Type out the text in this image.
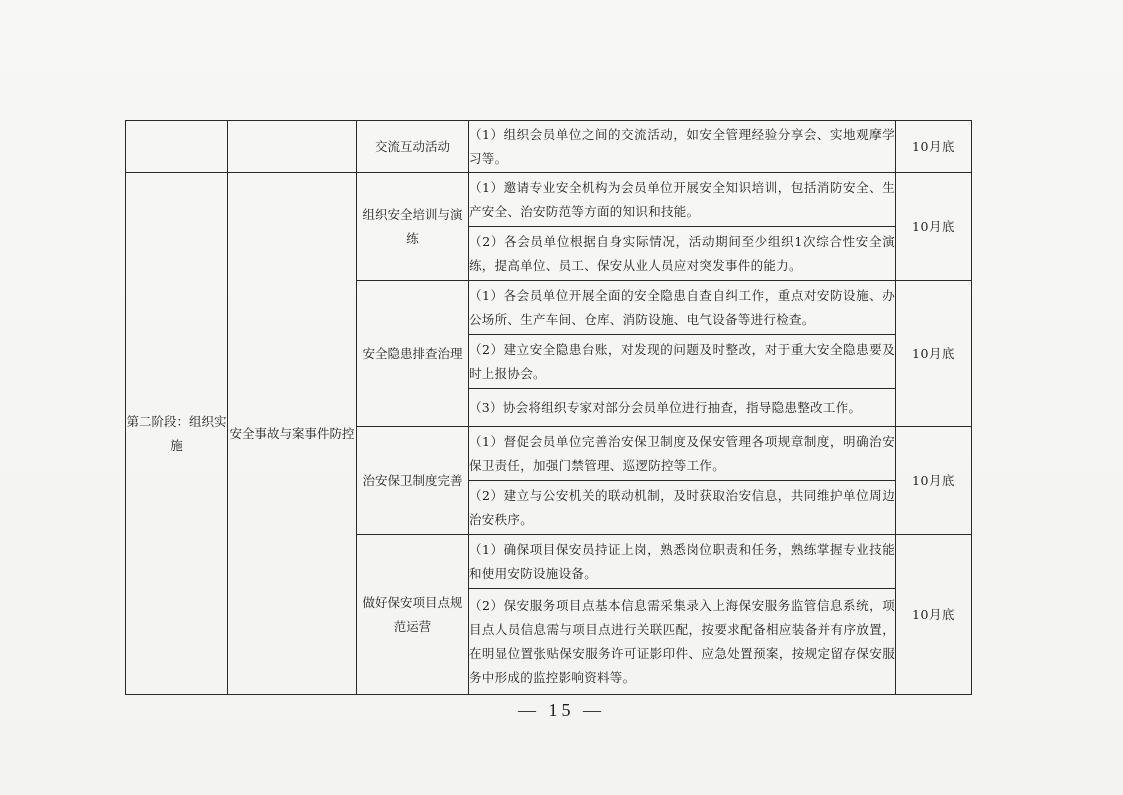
		交流互动活动	（1）组织会员单位之间的交流活动，如安全管理经验分享会、实地观摩学习等。	10月底
第二阶段：组织实施	安全事故与案事件防控	组织安全培训与演练	（1）邀请专业安全机构为会员单位开展安全知识培训，包括消防安全、生产安全、治安防范等方面的知识和技能。	10月底
			（2）各会员单位根据自身实际情况，活动期间至少组织1次综合性安全演练，提高单位、员工、保安从业人员应对突发事件的能力。	
		安全隐患排查治理	（1）各会员单位开展全面的安全隐患自查自纠工作，重点对安防设施、办公场所、生产车间、仓库、消防设施、电气设备等进行检查。	10月底
			（2）建立安全隐患台账，对发现的问题及时整改，对于重大安全隐患要及时上报协会。	
			（3）协会将组织专家对部分会员单位进行抽查，指导隐患整改工作。	
		治安保卫制度完善	（1）督促会员单位完善治安保卫制度及保安管理各项规章制度，明确治安保卫责任，加强门禁管理、巡逻防控等工作。	10月底
			（2）建立与公安机关的联动机制，及时获取治安信息，共同维护单位周边治安秩序。	
		做好保安项目点规范运营	（1）确保项目保安员持证上岗，熟悉岗位职责和任务，熟练掌握专业技能和使用安防设施设备。	10月底
			（2）保安服务项目点基本信息需采集录入上海保安服务监管信息系统，项目点人员信息需与项目点进行关联匹配，按要求配备相应装备并有序放置，在明显位置张贴保安服务许可证影印件、应急处置预案，按规定留存保安服务中形成的监控影响资料等。	
— 15 —
